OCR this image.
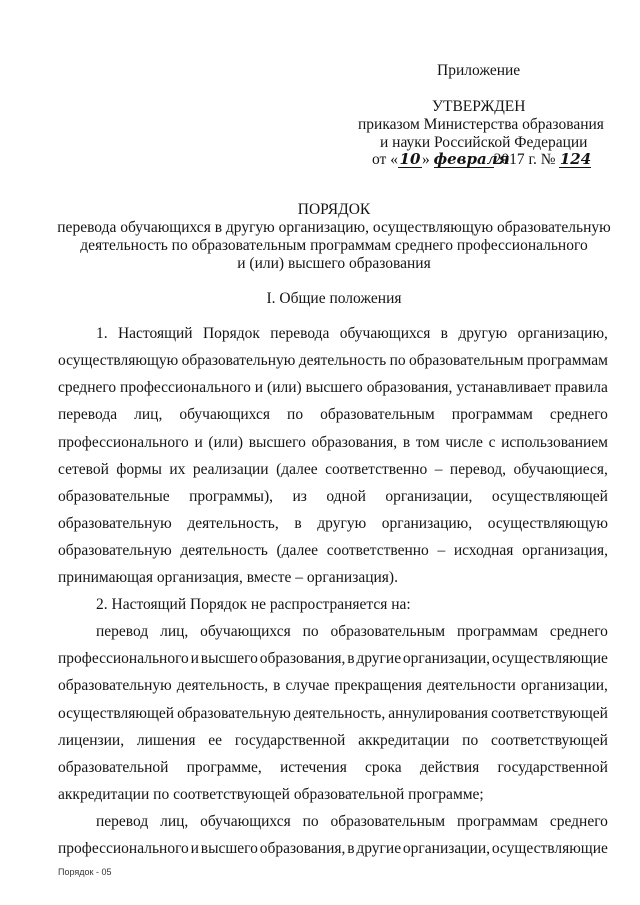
Приложение
УТВЕРЖДЕН
приказом Министерства образования
и науки Российской Федерации
от « 10 » февраля2017 г. № 124
ПОРЯДОК
перевода обучающихся в другую организацию, осуществляющую образовательную
деятельность по образовательным программам среднего профессионального
и (или) высшего образования
I. Общие положения
1. Настоящий Порядок перевода обучающихся в другую организацию,
осуществляющую образовательную деятельность по образовательным программам
среднего профессионального и (или) высшего образования, устанавливает правила
перевода лиц, обучающихся по образовательным программам среднего
профессионального и (или) высшего образования, в том числе с использованием
сетевой формы их реализации (далее соответственно – перевод, обучающиеся,
образовательные программы), из одной организации, осуществляющей
образовательную деятельность, в другую организацию, осуществляющую
образовательную деятельность (далее соответственно – исходная организация,
принимающая организация, вместе – организация).
2. Настоящий Порядок не распространяется на:
перевод лиц, обучающихся по образовательным программам среднего
профессионального и высшего образования, в другие организации, осуществляющие
образовательную деятельность, в случае прекращения деятельности организации,
осуществляющей образовательную деятельность, аннулирования соответствующей
лицензии, лишения ее государственной аккредитации по соответствующей
образовательной программе, истечения срока действия государственной
аккредитации по соответствующей образовательной программе;
перевод лиц, обучающихся по образовательным программам среднего
профессионального и высшего образования, в другие организации, осуществляющие
Порядок - 05
